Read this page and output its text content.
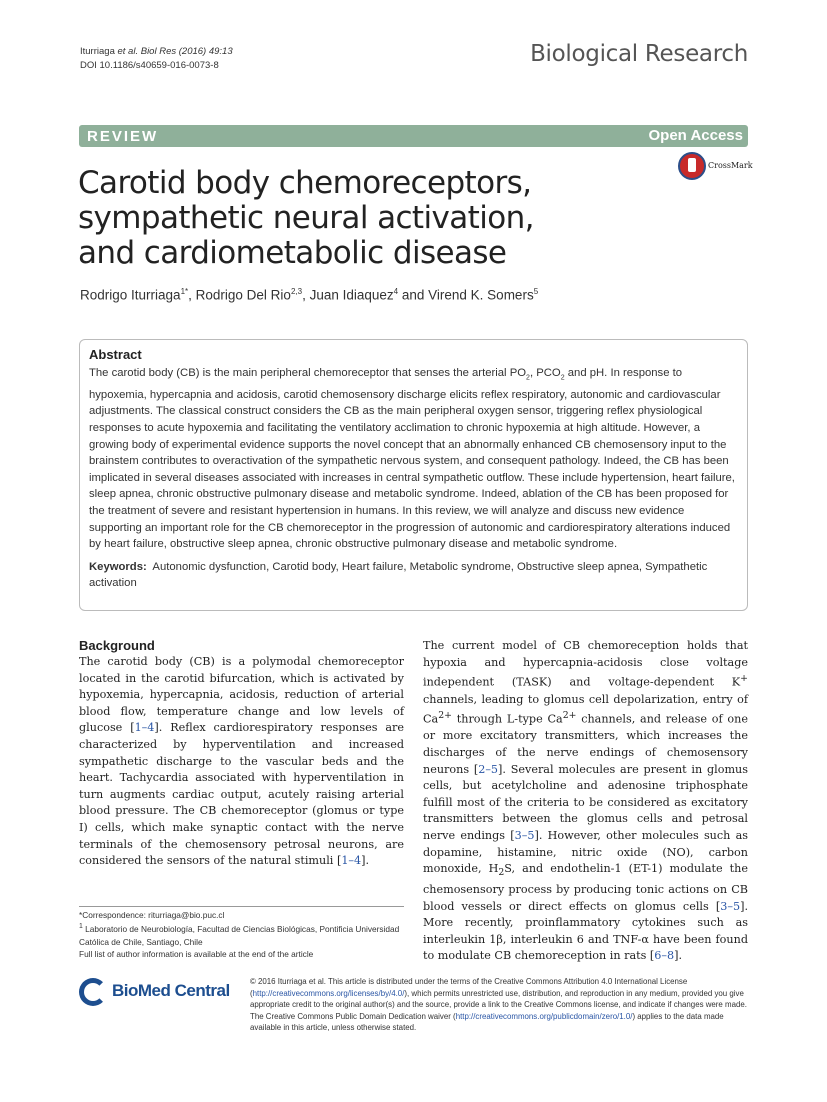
Iturriaga et al. Biol Res (2016) 49:13
DOI 10.1186/s40659-016-0073-8	Biological Research
REVIEW	Open Access
CrossMark
Carotid body chemoreceptors,
sympathetic neural activation,
and cardiometabolic disease
Rodrigo Iturriaga$^{1*}$, Rodrigo Del Rio$^{2,3}$, Juan Idiaquez$^4$ and Virend K. Somers$^5$
Abstract
The carotid body (CB) is the main peripheral chemoreceptor that senses the arterial $PO_2$, $PCO_2$ and pH. In response to hypoxemia, hypercapnia and acidosis, carotid chemosensory discharge elicits reflex respiratory, autonomic and cardiovascular adjustments. The classical construct considers the CB as the main peripheral oxygen sensor, triggering reflex physiological responses to acute hypoxemia and facilitating the ventilatory acclimation to chronic hypoxemia at high altitude. However, a growing body of experimental evidence supports the novel concept that an abnormally enhanced CB chemosensory input to the brainstem contributes to overactivation of the sympathetic nervous system, and consequent pathology. Indeed, the CB has been implicated in several diseases associated with increases in central sympathetic outflow. These include hypertension, heart failure, sleep apnea, chronic obstructive pulmonary disease and metabolic syndrome. Indeed, ablation of the CB has been proposed for the treatment of severe and resistant hypertension in humans. In this review, we will analyze and discuss new evidence supporting an important role for the CB chemoreceptor in the progression of autonomic and cardiorespiratory alterations induced by heart failure, obstructive sleep apnea, chronic obstructive pulmonary disease and metabolic syndrome.
Keywords: Autonomic dysfunction, Carotid body, Heart failure, Metabolic syndrome, Obstructive sleep apnea, Sympathetic activation
Background
The carotid body (CB) is a polymodal chemoreceptor located in the carotid bifurcation, which is activated by hypoxemia, hypercapnia, acidosis, reduction of arterial blood flow, temperature change and low levels of glucose [1–4]. Reflex cardiorespiratory responses are characterized by hyperventilation and increased sympathetic discharge to the vascular beds and the heart. Tachycardia associated with hyperventilation in turn augments cardiac output, acutely raising arterial blood pressure. The CB chemoreceptor (glomus or type I) cells, which make synaptic contact with the nerve terminals of the chemosensory petrosal neurons, are considered the sensors of the natural stimuli [1–4].
The current model of CB chemoreception holds that hypoxia and hypercapnia-acidosis close voltage independent (TASK) and voltage-dependent K+ channels, leading to glomus cell depolarization, entry of $Ca^{2+}$ through L-type $Ca^{2+}$ channels, and release of one or more excitatory transmitters, which increases the discharges of the nerve endings of chemosensory neurons [2–5]. Several molecules are present in glomus cells, but acetylcholine and adenosine triphosphate fulfill most of the criteria to be considered as excitatory transmitters between the glomus cells and petrosal nerve endings [3–5]. However, other molecules such as dopamine, histamine, nitric oxide (NO), carbon monoxide, $H_2S$, and endothelin-1 (ET-1) modulate the chemosensory process by producing tonic actions on CB blood vessels or direct effects on glomus cells [3–5]. More recently, proinflammatory cytokines such as interleukin 1β, interleukin 6 and TNF-α have been found to modulate CB chemoreception in rats [6–8].
*Correspondence: riturriaga@bio.puc.cl
$^1$ Laboratorio de Neurobiología, Facultad de Ciencias Biológicas, Pontificia Universidad Católica de Chile, Santiago, Chile
Full list of author information is available at the end of the article
BioMed Central	© 2016 Iturriaga et al. This article is distributed under the terms of the Creative Commons Attribution 4.0 International License (http://creativecommons.org/licenses/by/4.0/), which permits unrestricted use, distribution, and reproduction in any medium, provided you give appropriate credit to the original author(s) and the source, provide a link to the Creative Commons license, and indicate if changes were made. The Creative Commons Public Domain Dedication waiver (http://creativecommons.org/publicdomain/zero/1.0/) applies to the data made available in this article, unless otherwise stated.
